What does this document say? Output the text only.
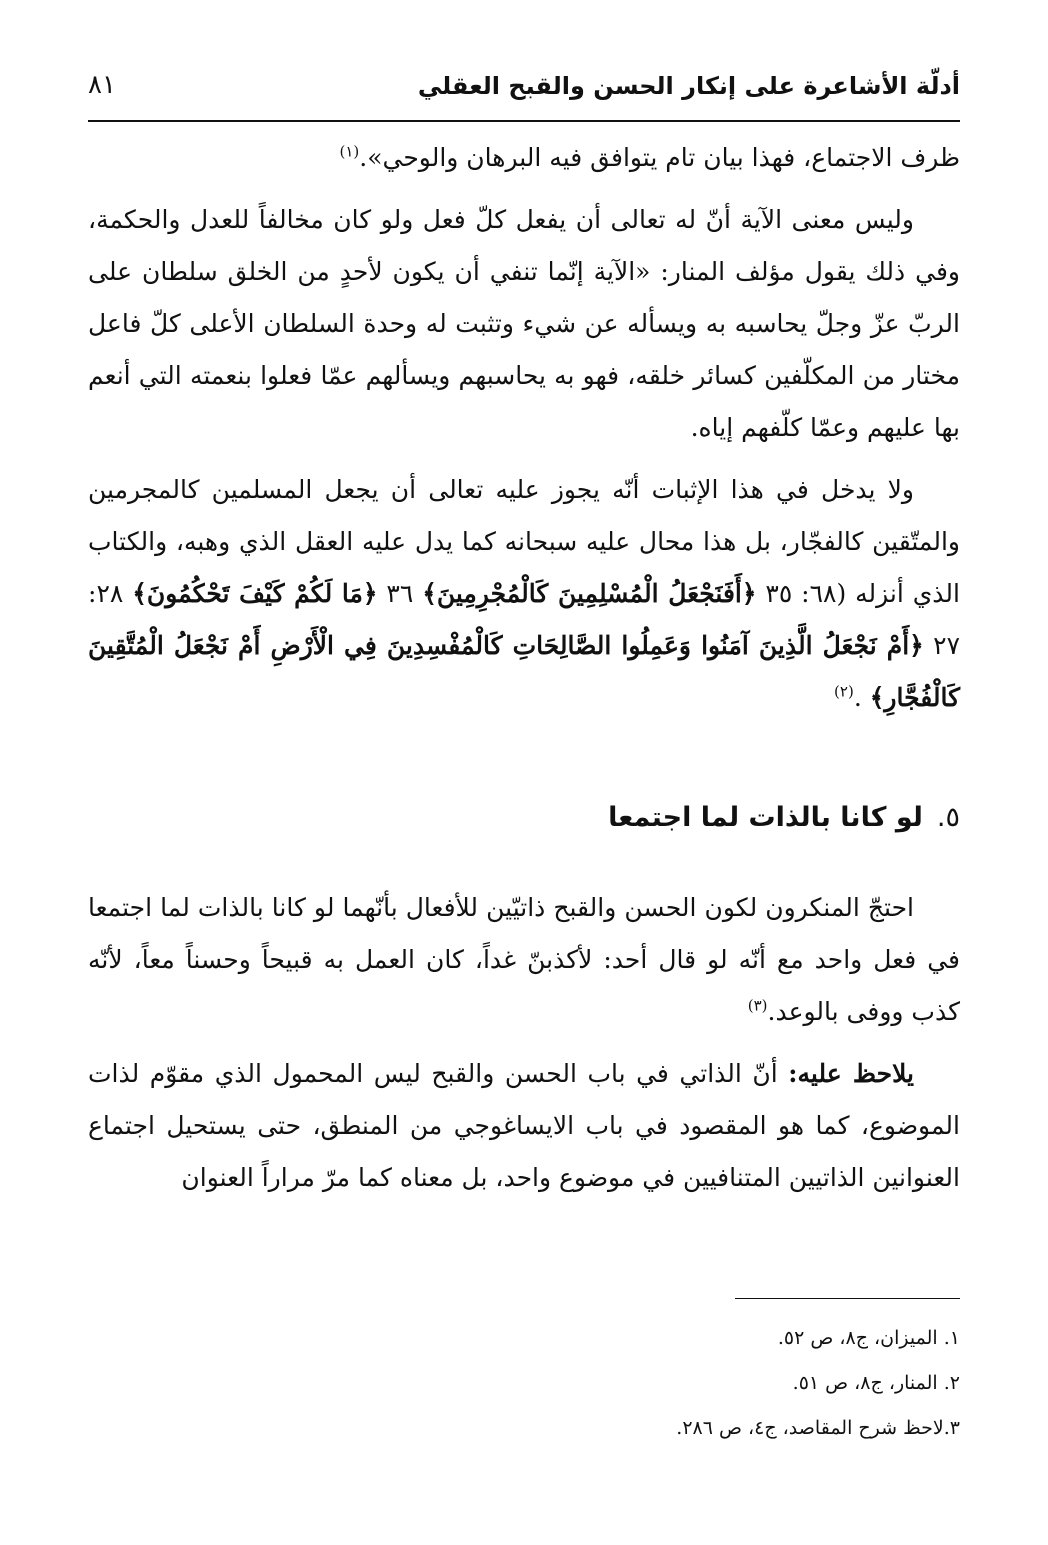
أدلّة الأشاعرة على إنكار الحسن والقبح العقلي
٨١

ظرف الاجتماع، فهذا بيان تام يتوافق فيه البرهان والوحي».$^{(١)}$

وليس معنى الآية أنّ له تعالى أن يفعل كلّ فعل ولو كان مخالفاً للعدل والحكمة، وفي ذلك يقول مؤلف المنار: «الآية إنّما تنفي أن يكون لأحدٍ من الخلق سلطان على الربّ عزّ وجلّ يحاسبه به ويسأله عن شيء وتثبت له وحدة السلطان الأعلى كلّ فاعل مختار من المكلّفين كسائر خلقه، فهو به يحاسبهم ويسألهم عمّا فعلوا بنعمته التي أنعم بها عليهم وعمّا كلّفهم إياه.

ولا يدخل في هذا الإثبات أنّه يجوز عليه تعالى أن يجعل المسلمين كالمجرمين والمتّقين كالفجّار، بل هذا محال عليه سبحانه كما يدل عليه العقل الذي وهبه، والكتاب الذي أنزله (٦٨: ٣٥ ﴿أَفَنَجْعَلُ الْمُسْلِمِينَ كَالْمُجْرِمِينَ﴾ ٣٦ ﴿مَا لَكُمْ كَيْفَ تَحْكُمُونَ﴾ ٢٨: ٢٧ ﴿أَمْ نَجْعَلُ الَّذِينَ آمَنُوا وَعَمِلُوا الصَّالِحَاتِ كَالْمُفْسِدِينَ فِي الْأَرْضِ أَمْ نَجْعَلُ الْمُتَّقِينَ كَالْفُجَّارِ﴾ .$^{(٢)}$

٥.لو كانا بالذات لما اجتمعا

احتجّ المنكرون لكون الحسن والقبح ذاتيّين للأفعال بأنّهما لو كانا بالذات لما اجتمعا في فعل واحد مع أنّه لو قال أحد: لأكذبنّ غداً، كان العمل به قبيحاً وحسناً معاً، لأنّه كذب ووفى بالوعد.$^{(٣)}$

يلاحظ عليه: أنّ الذاتي في باب الحسن والقبح ليس المحمول الذي مقوّم لذات الموضوع، كما هو المقصود في باب الايساغوجي من المنطق، حتى يستحيل اجتماع العنوانين الذاتيين المتنافيين في موضوع واحد، بل معناه كما مرّ مراراً العنوان

١. الميزان، ج٨، ص ٥٢.

٢. المنار، ج٨، ص ٥١.

٣.لاحظ شرح المقاصد، ج٤، ص ٢٨٦.
